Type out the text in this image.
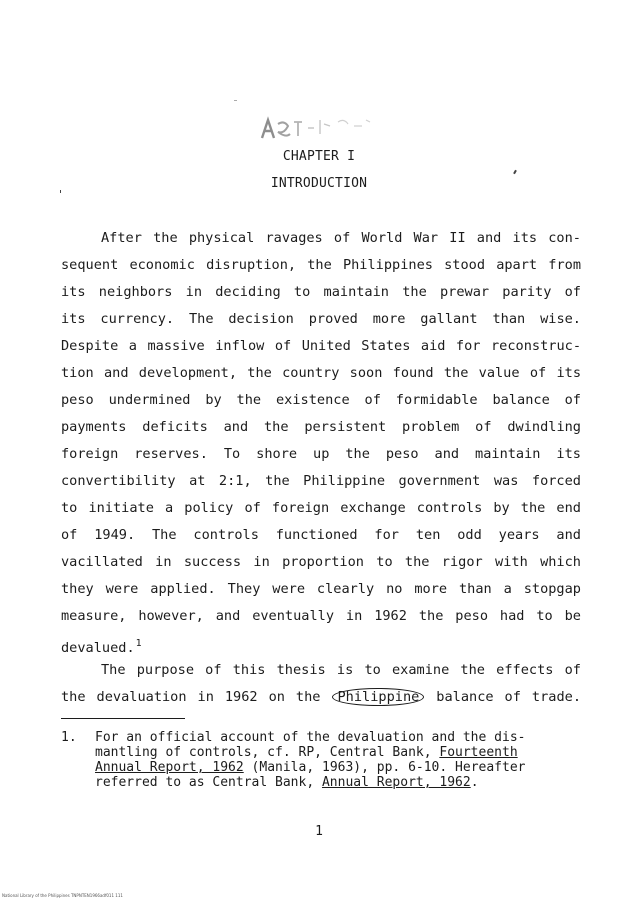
CHAPTER I
INTRODUCTION
After the physical ravages of World War II and its con-
sequent economic disruption, the Philippines stood apart from
its neighbors in deciding to maintain the prewar parity of
its currency. The decision proved more gallant than wise.
Despite a massive inflow of United States aid for reconstruc-
tion and development, the country soon found the value of its
peso undermined by the existence of formidable balance of
payments deficits and the persistent problem of dwindling
foreign reserves. To shore up the peso and maintain its
convertibility at 2:1, the Philippine government was forced
to initiate a policy of foreign exchange controls by the end
of 1949. The controls functioned for ten odd years and
vacillated in success in proportion to the rigor with which
they were applied. They were clearly no more than a stopgap
measure, however, and eventually in 1962 the peso had to be
devalued.$^1$
The purpose of this thesis is to examine the effects of
the devaluation in 1962 on the Philippine balance of trade.
1. For an official account of the devaluation and the dis-
mantling of controls, cf. RP, Central Bank, Fourteenth
Annual Report, 1962 (Manila, 1963), pp. 6-10. Hereafter
referred to as Central Bank, Annual Report, 1962.
1
National Library of the Philippines TNPNTEN1966adf011 111
